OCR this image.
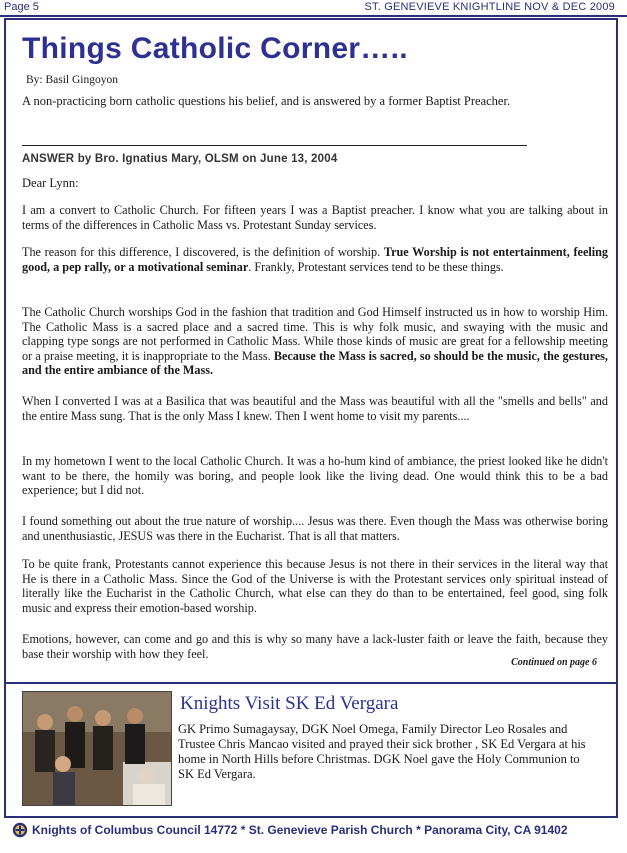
Page 5	ST. GENEVIEVE KNIGHTLINE NOV & DEC 2009
Things Catholic Corner…..
By: Basil Gingoyon
A non-practicing born catholic questions his belief, and is answered by a former Baptist Preacher.
ANSWER by Bro. Ignatius Mary, OLSM on June 13, 2004
Dear Lynn:
I am a convert to Catholic Church. For fifteen years I was a Baptist preacher. I know what you are talking about in terms of the differences in Catholic Mass vs. Protestant Sunday services.
The reason for this difference, I discovered, is the definition of worship. True Worship is not entertainment, feeling good, a pep rally, or a motivational seminar. Frankly, Protestant services tend to be these things.
The Catholic Church worships God in the fashion that tradition and God Himself instructed us in how to worship Him. The Catholic Mass is a sacred place and a sacred time. This is why folk music, and swaying with the music and clapping type songs are not performed in Catholic Mass. While those kinds of music are great for a fellowship meeting or a praise meeting, it is inappropriate to the Mass. Because the Mass is sacred, so should be the music, the gestures, and the entire ambiance of the Mass.
When I converted I was at a Basilica that was beautiful and the Mass was beautiful with all the "smells and bells" and the entire Mass sung. That is the only Mass I knew. Then I went home to visit my parents....
In my hometown I went to the local Catholic Church. It was a ho-hum kind of ambiance, the priest looked like he didn't want to be there, the homily was boring, and people look like the living dead. One would think this to be a bad experience; but I did not.
I found something out about the true nature of worship.... Jesus was there. Even though the Mass was otherwise boring and unenthusiastic, JESUS was there in the Eucharist. That is all that matters.
To be quite frank, Protestants cannot experience this because Jesus is not there in their services in the literal way that He is there in a Catholic Mass. Since the God of the Universe is with the Protestant services only spiritual instead of literally like the Eucharist in the Catholic Church, what else can they do than to be entertained, feel good, sing folk music and express their emotion-based worship.
Emotions, however, can come and go and this is why so many have a lack-luster faith or leave the faith, because they base their worship with how they feel.
Continued on page 6
Knights Visit SK Ed Vergara
GK Primo Sumagaysay, DGK Noel Omega, Family Director Leo Rosales and Trustee Chris Mancao visited and prayed their sick brother , SK Ed Vergara at his home in North Hills before Christmas. DGK Noel gave the Holy Communion to SK Ed Vergara.
Knights of Columbus Council 14772 * St. Genevieve Parish Church * Panorama City, CA 91402
